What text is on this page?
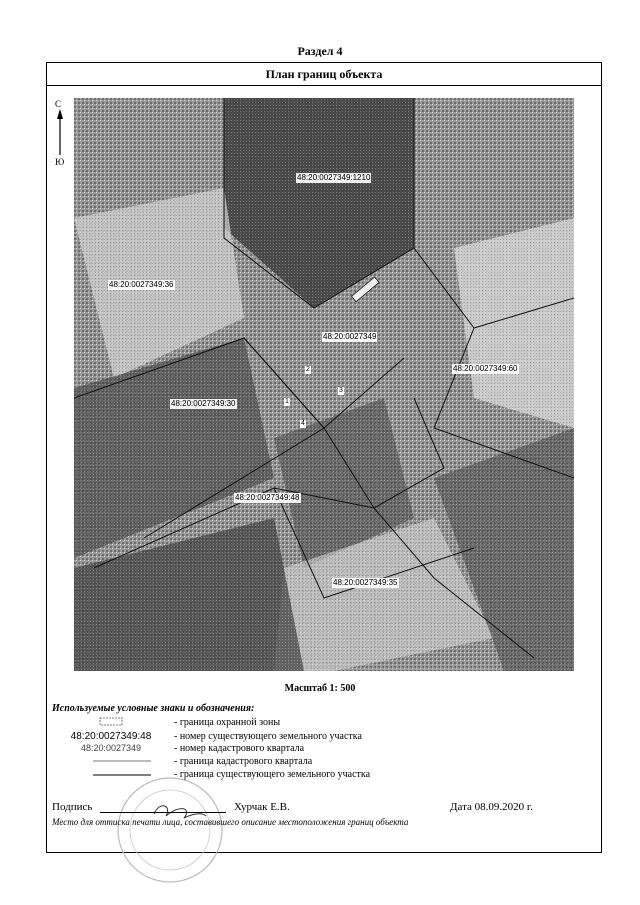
Раздел 4
План границ объекта
С
Ю
48:20:0027349:1210
48:20:0027349:36
48:20:0027349
48:20:0027349:60
48:20:0027349:30
48:20:0027349:48
48:20:0027349:35
2
3
1
4
Масштаб 1: 500
Используемые условные знаки и обозначения:
- граница охранной зоны
48:20:0027349:48	- номер существующего земельного участка
48:20:0027349	- номер кадастрового квартала
- граница кадастрового квартала
- граница существующего земельного участка
Подпись	Хурчак Е.В.	Дата 08.09.2020 г.
Место для оттиска печати лица, составившего описание местоположения границ объекта
